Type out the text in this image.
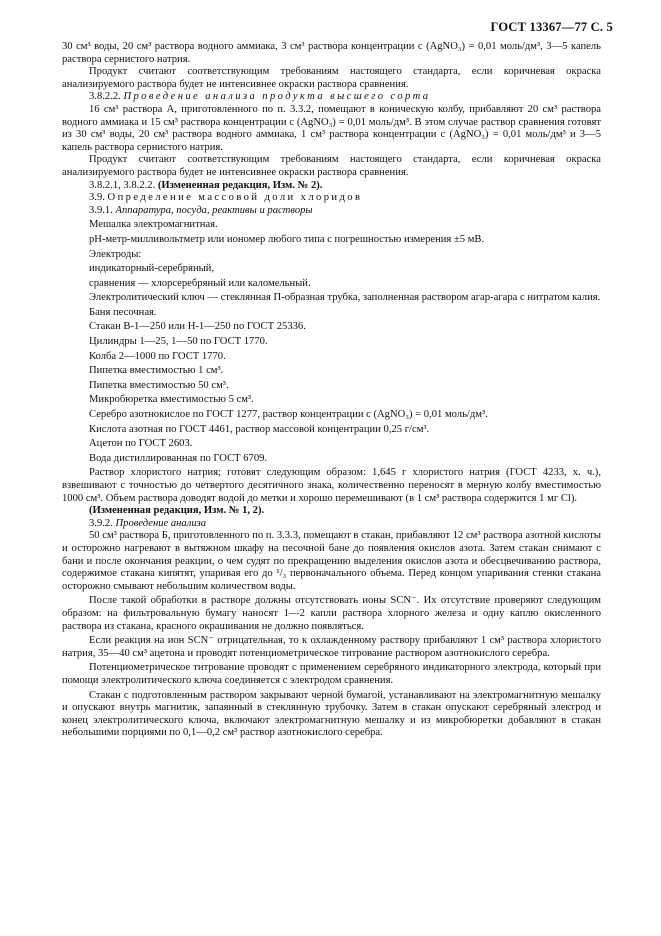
ГОСТ 13367—77 С. 5

30 см³ воды, 20 см³ раствора водного аммиака, 3 см³ раствора концентрации c (AgNO₃) = 0,01 моль/дм³, 3—5 капель раствора сернистого натрия.

Продукт считают соответствующим требованиям настоящего стандарта, если коричневая окраска анализируемого раствора будет не интенсивнее окраски раствора сравнения.

3.8.2.2. Проведение анализа продукта высшего сорта

16 см³ раствора А, приготовленного по п. 3.3.2, помещают в коническую колбу, прибавляют 20 см³ раствора водного аммиака и 15 см³ раствора концентрации c (AgNO₃) = 0,01 моль/дм³. В этом случае раствор сравнения готовят из 30 см³ воды, 20 см³ раствора водного аммиака, 1 см³ раствора концентрации c (AgNO₃) = 0,01 моль/дм³ и 3—5 капель раствора сернистого натрия.

Продукт считают соответствующим требованиям настоящего стандарта, если коричневая окраска анализируемого раствора будет не интенсивнее окраски раствора сравнения.

3.8.2.1, 3.8.2.2. (Измененная редакция, Изм. № 2).

3.9. Определение массовой доли хлоридов

3.9.1. Аппаратура, посуда, реактивы и растворы

Мешалка электромагнитная.

pH-метр-милливольтметр или иономер любого типа с погрешностью измерения ±5 мВ.

Электроды:

индикаторный-серебряный,

сравнения — хлорсеребряный или каломельный.

Электролитический ключ — стеклянная П-образная трубка, заполненная раствором агар-агара с нитратом калия.

Баня песочная.

Стакан В-1—250 или Н-1—250 по ГОСТ 25336.

Цилиндры 1—25, 1—50 по ГОСТ 1770.

Колба 2—1000 по ГОСТ 1770.

Пипетка вместимостью 1 см³.

Пипетка вместимостью 50 см³.

Микробюретка вместимостью 5 см³.

Серебро азотнокислое по ГОСТ 1277, раствор концентрации c (AgNO₃) = 0,01 моль/дм³.

Кислота азотная по ГОСТ 4461, раствор массовой концентрации 0,25 г/см³.

Ацетон по ГОСТ 2603.

Вода дистиллированная по ГОСТ 6709.

Раствор хлористого натрия; готовят следующим образом: 1,645 г хлористого натрия (ГОСТ 4233, х. ч.), взвешивают с точностью до четвертого десятичного знака, количественно переносят в мерную колбу вместимостью 1000 см³. Объем раствора доводят водой до метки и хорошо перемешивают (в 1 см³ раствора содержится 1 мг Cl).

(Измененная редакция, Изм. № 1, 2).

3.9.2. Проведение анализа

50 см³ раствора Б, приготовленного по п. 3.3.3, помещают в стакан, прибавляют 12 см³ раствора азотной кислоты и осторожно нагревают в вытяжном шкафу на песочной бане до появления окислов азота. Затем стакан снимают с бани и после окончания реакции, о чем судят по прекращению выделения окислов азота и обесцвечиванию раствора, содержимое стакана кипятят, упаривая его до ¹/₃ первоначального объема. Перед концом упаривания стенки стакана осторожно смывают небольшим количеством воды.

После такой обработки в растворе должны отсутствовать ионы SCN⁻. Их отсутствие проверяют следующим образом: на фильтровальную бумагу наносят 1—2 капли раствора хлорного железа и одну каплю окисленного раствора из стакана, красного окрашивания не должно появляться.

Если реакция на ион SCN⁻ отрицательная, то к охлажденному раствору прибавляют 1 см³ раствора хлористого натрия, 35—40 см³ ацетона и проводят потенциометрическое титрование раствором азотнокислого серебра.

Потенциометрическое титрование проводят с применением серебряного индикаторного электрода, который при помощи электролитического ключа соединяется с электродом сравнения.

Стакан с подготовленным раствором закрывают черной бумагой, устанавливают на электромагнитную мешалку и опускают внутрь магнитик, запаянный в стеклянную трубочку. Затем в стакан опускают серебряный электрод и конец электролитического ключа, включают электромагнитную мешалку и из микробюретки добавляют в стакан небольшими порциями по 0,1—0,2 см³ раствор азотнокислого серебра.
